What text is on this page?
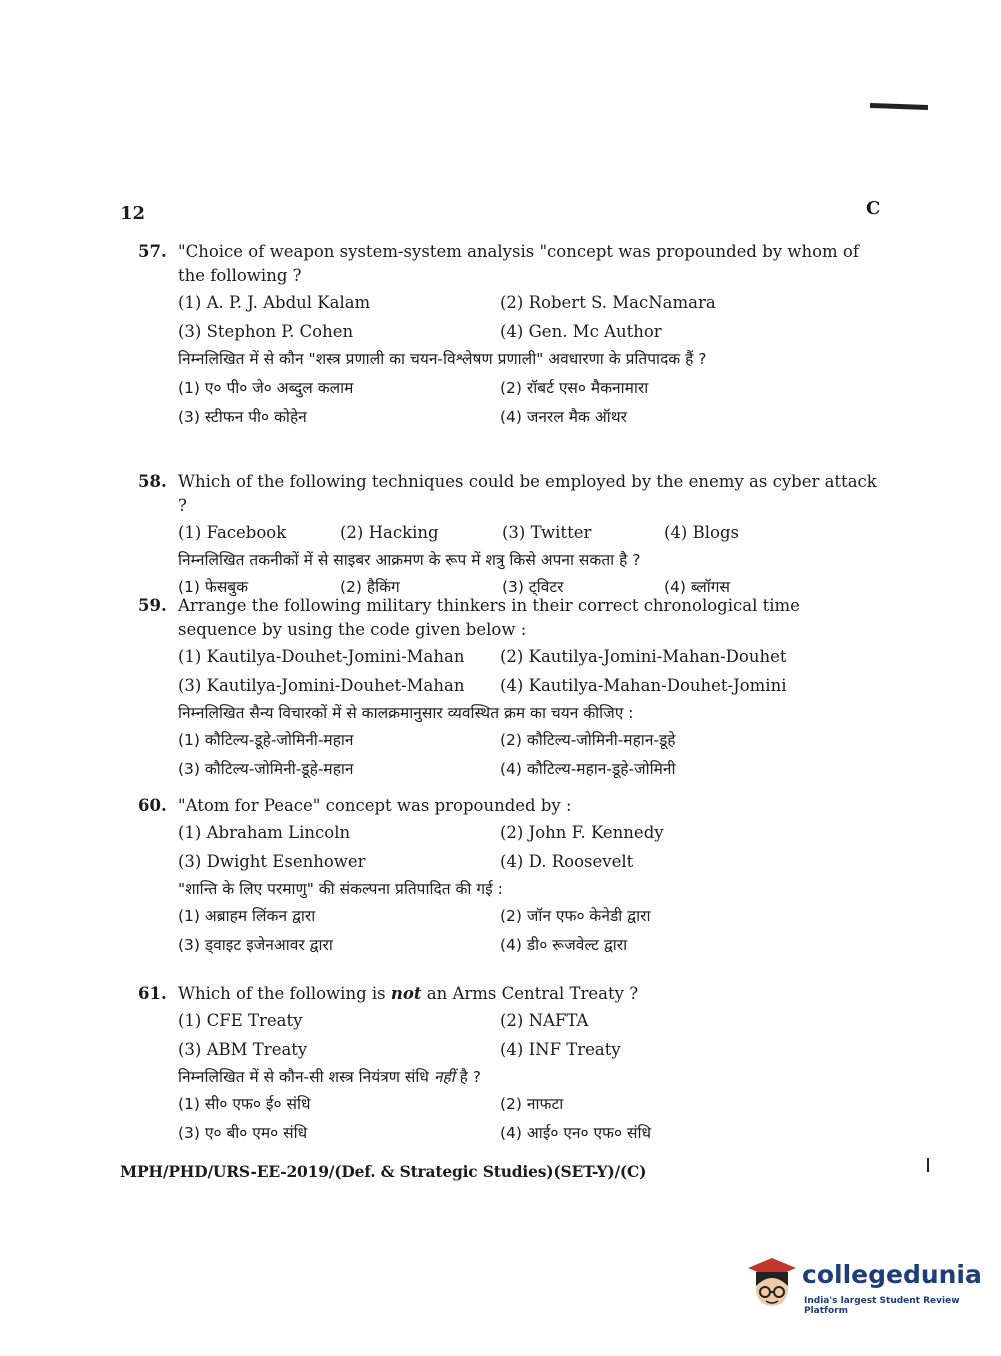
12	C
57. "Choice of weapon system-system analysis "concept was propounded by whom of the following ?
(1) A. P. J. Abdul Kalam	(2) Robert S. MacNamara
(3) Stephon P. Cohen	(4) Gen. Mc Author
निम्नलिखित में से कौन "शस्त्र प्रणाली का चयन-विश्लेषण प्रणाली" अवधारणा के प्रतिपादक हैं ?
(1) ए० पी० जे० अब्दुल कलाम	(2) रॉबर्ट एस० मैकनामारा
(3) स्टीफन पी० कोहेन	(4) जनरल मैक ऑथर
58. Which of the following techniques could be employed by the enemy as cyber attack ?
(1) Facebook	(2) Hacking	(3) Twitter	(4) Blogs
निम्नलिखित तकनीकों में से साइबर आक्रमण के रूप में शत्रु किसे अपना सकता है ?
(1) फेसबुक	(2) हैकिंग	(3) ट्विटर	(4) ब्लॉगस
59. Arrange the following military thinkers in their correct chronological time sequence by using the code given below :
(1) Kautilya-Douhet-Jomini-Mahan	(2) Kautilya-Jomini-Mahan-Douhet
(3) Kautilya-Jomini-Douhet-Mahan	(4) Kautilya-Mahan-Douhet-Jomini
निम्नलिखित सैन्य विचारकों में से कालक्रमानुसार व्यवस्थित क्रम का चयन कीजिए :
(1) कौटिल्य-डूहे-जोमिनी-महान	(2) कौटिल्य-जोमिनी-महान-डूहे
(3) कौटिल्य-जोमिनी-डूहे-महान	(4) कौटिल्य-महान-डूहे-जोमिनी
60. "Atom for Peace" concept was propounded by :
(1) Abraham Lincoln	(2) John F. Kennedy
(3) Dwight Esenhower	(4) D. Roosevelt
"शान्ति के लिए परमाणु" की संकल्पना प्रतिपादित की गई :
(1) अब्राहम लिंकन द्वारा	(2) जॉन एफ० केनेडी द्वारा
(3) ड्वाइट इजेनआवर द्वारा	(4) डी० रूजवेल्ट द्वारा
61. Which of the following is not an Arms Central Treaty ?
(1) CFE Treaty	(2) NAFTA
(3) ABM Treaty	(4) INF Treaty
निम्नलिखित में से कौन-सी शस्त्र नियंत्रण संधि नहीं है ?
(1) सी० एफ० ई० संधि	(2) नाफटा
(3) ए० बी० एम० संधि	(4) आई० एन० एफ० संधि
MPH/PHD/URS-EE-2019/(Def. & Strategic Studies)(SET-Y)/(C)
collegedunia
India's largest Student Review Platform
